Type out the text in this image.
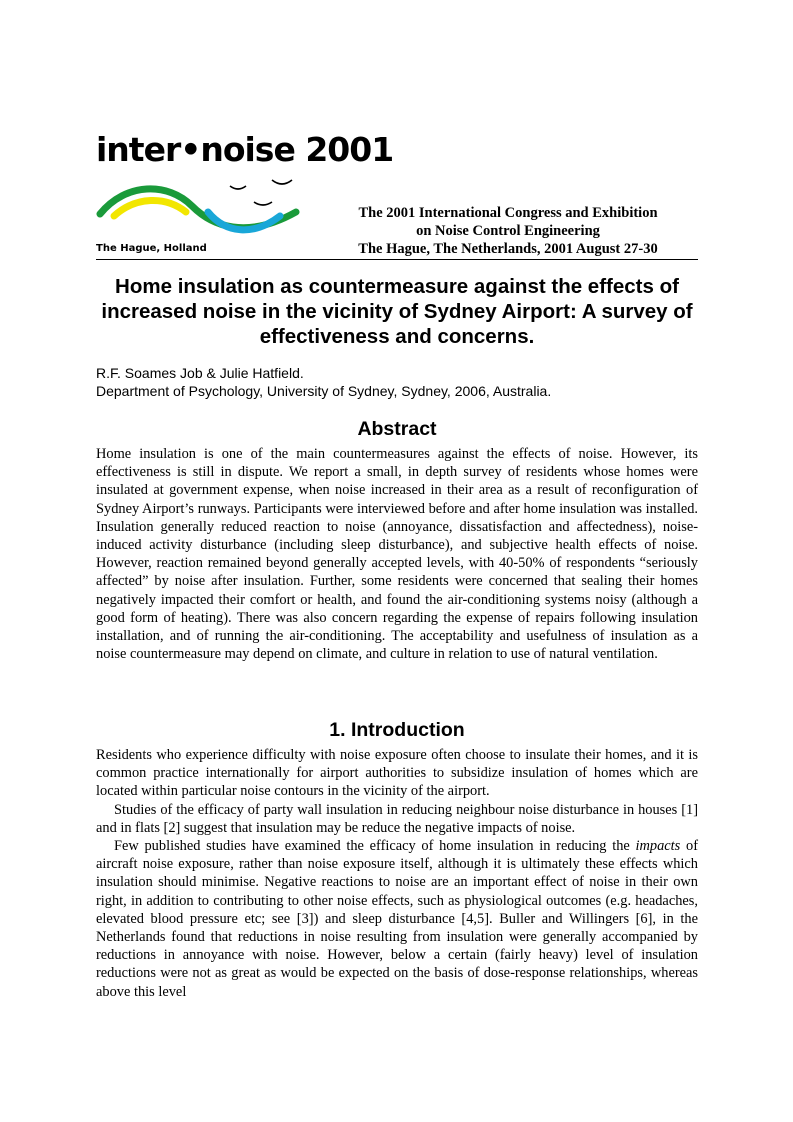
inter•noise 2001
The Hague, Holland
The 2001 International Congress and Exhibition
on Noise Control Engineering
The Hague, The Netherlands, 2001 August 27-30
Home insulation as countermeasure against the effects of increased noise in the vicinity of Sydney Airport: A survey of effectiveness and concerns.
R.F. Soames Job & Julie Hatfield.
Department of Psychology, University of Sydney, Sydney, 2006, Australia.
Abstract

Home insulation is one of the main countermeasures against the effects of noise. However, its effectiveness is still in dispute. We report a small, in depth survey of residents whose homes were insulated at government expense, when noise increased in their area as a result of reconfiguration of Sydney Airport’s runways. Participants were interviewed before and after home insulation was installed. Insulation generally reduced reaction to noise (annoyance, dissatisfaction and affectedness), noise-induced activity disturbance (including sleep disturbance), and subjective health effects of noise. However, reaction remained beyond generally accepted levels, with 40-50% of respondents “seriously affected” by noise after insulation. Further, some residents were concerned that sealing their homes negatively impacted their comfort or health, and found the air-conditioning systems noisy (although a good form of heating). There was also concern regarding the expense of repairs following insulation installation, and of running the air-conditioning. The acceptability and usefulness of insulation as a noise countermeasure may depend on climate, and culture in relation to use of natural ventilation.

1. Introduction

Residents who experience difficulty with noise exposure often choose to insulate their homes, and it is common practice internationally for airport authorities to subsidize insulation of homes which are located within particular noise contours in the vicinity of the airport.

Studies of the efficacy of party wall insulation in reducing neighbour noise disturbance in houses [1] and in flats [2] suggest that insulation may be reduce the negative impacts of noise.

Few published studies have examined the efficacy of home insulation in reducing the impacts of aircraft noise exposure, rather than noise exposure itself, although it is ultimately these effects which insulation should minimise. Negative reactions to noise are an important effect of noise in their own right, in addition to contributing to other noise effects, such as physiological outcomes (e.g. headaches, elevated blood pressure etc; see [3]) and sleep disturbance [4,5]. Buller and Willingers [6], in the Netherlands found that reductions in noise resulting from insulation were generally accompanied by reductions in annoyance with noise. However, below a certain (fairly heavy) level of insulation reductions were not as great as would be expected on the basis of dose-response relationships, whereas above this level
